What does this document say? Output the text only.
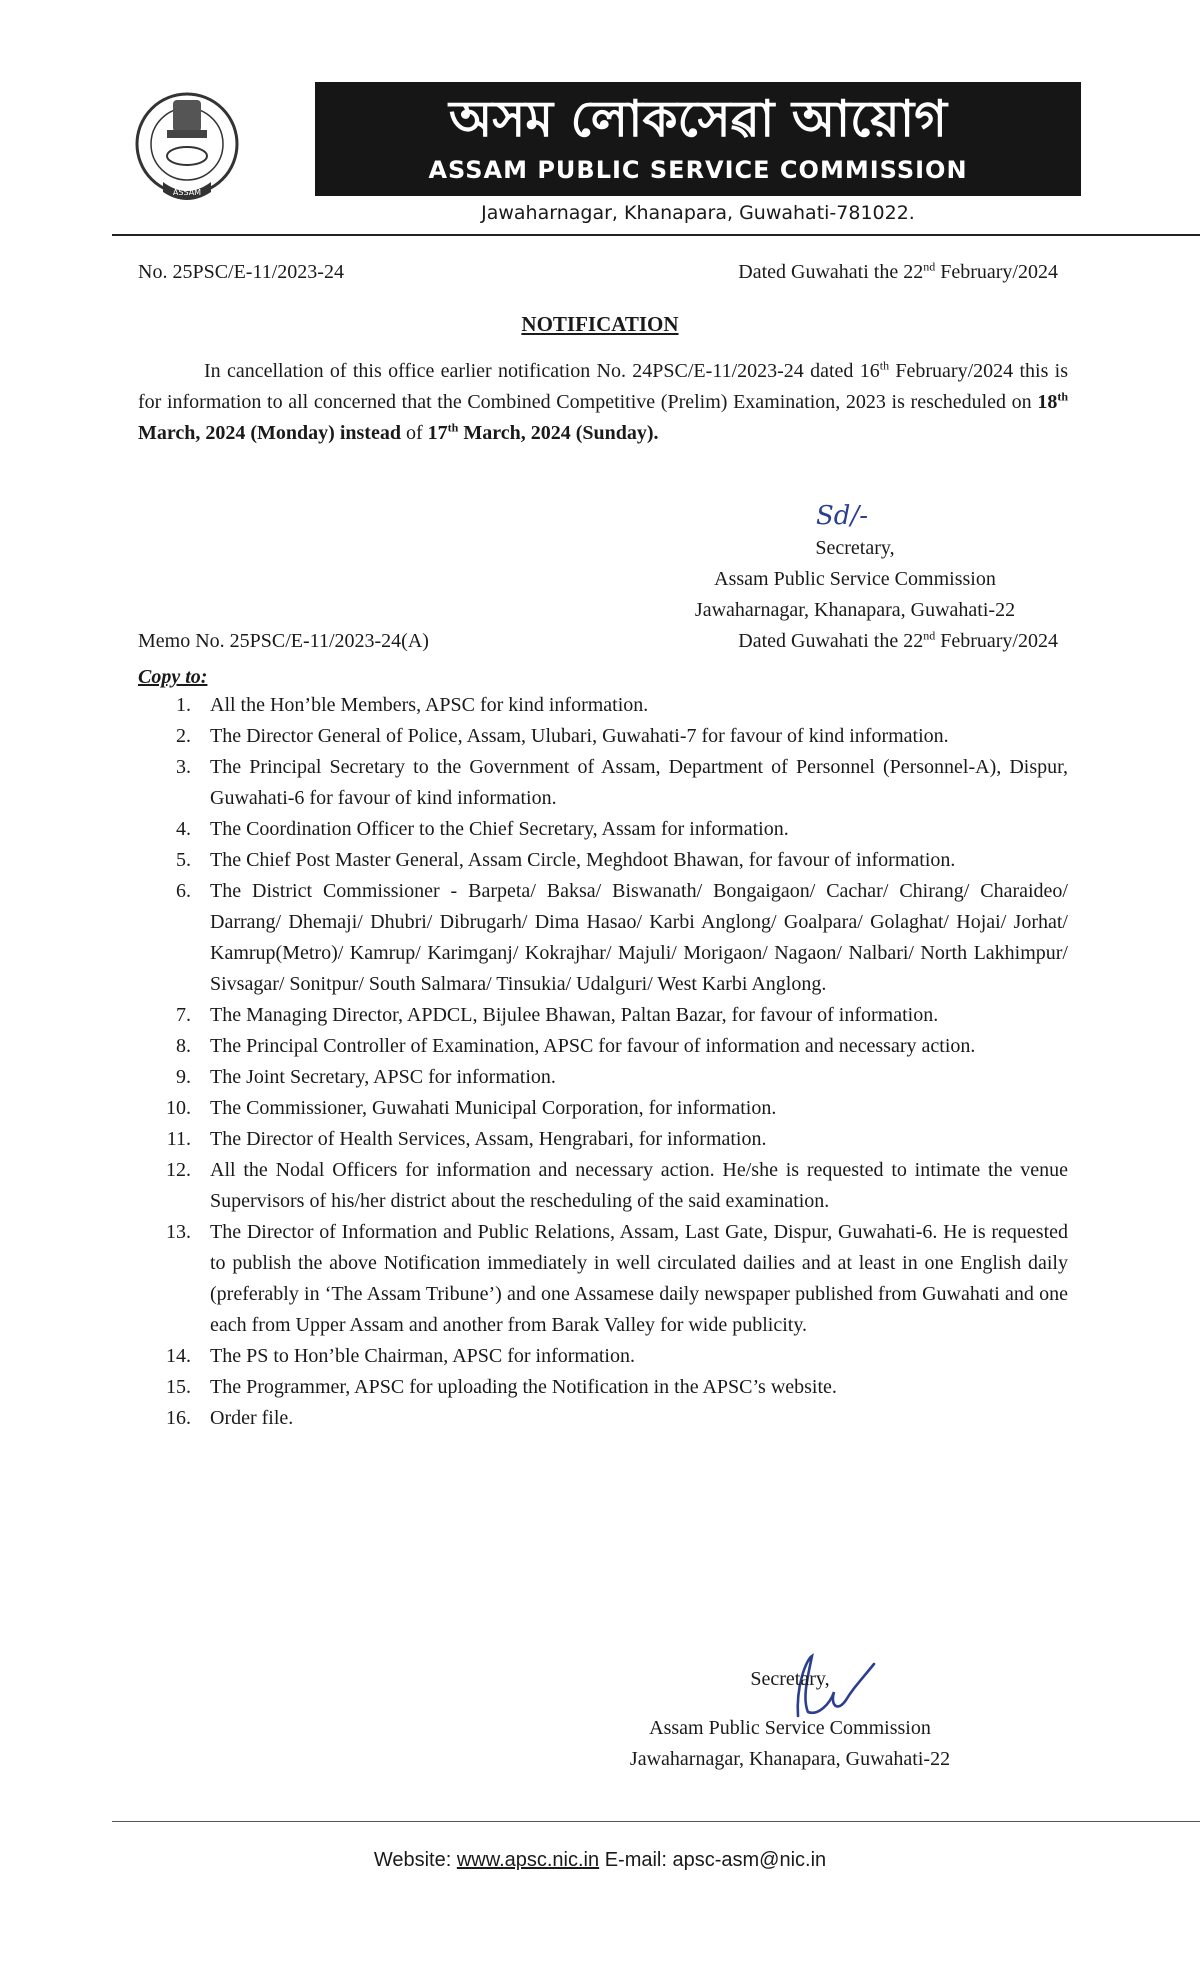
ASSAM
অসম লোকসেৱা আয়োগ
ASSAM PUBLIC SERVICE COMMISSION
Jawaharnagar, Khanapara, Guwahati-781022.
No. 25PSC/E-11/2023-24	Dated Guwahati the 22nd February/2024
NOTIFICATION
In cancellation of this office earlier notification No. 24PSC/E-11/2023-24 dated 16th February/2024 this is for information to all concerned that the Combined Competitive (Prelim) Examination, 2023 is rescheduled on 18th March, 2024 (Monday) instead of 17th March, 2024 (Sunday).
Sd/-
Secretary,
Assam Public Service Commission
Jawaharnagar, Khanapara, Guwahati-22
Memo No. 25PSC/E-11/2023-24(A)	Dated Guwahati the 22nd February/2024
Copy to:
1. All the Hon’ble Members, APSC for kind information.
2. The Director General of Police, Assam, Ulubari, Guwahati-7 for favour of kind information.
3. The Principal Secretary to the Government of Assam, Department of Personnel (Personnel-A), Dispur, Guwahati-6 for favour of kind information.
4. The Coordination Officer to the Chief Secretary, Assam for information.
5. The Chief Post Master General, Assam Circle, Meghdoot Bhawan, for favour of information.
6. The District Commissioner - Barpeta/ Baksa/ Biswanath/ Bongaigaon/ Cachar/ Chirang/ Charaideo/ Darrang/ Dhemaji/ Dhubri/ Dibrugarh/ Dima Hasao/ Karbi Anglong/ Goalpara/ Golaghat/ Hojai/ Jorhat/ Kamrup(Metro)/ Kamrup/ Karimganj/ Kokrajhar/ Majuli/ Morigaon/ Nagaon/ Nalbari/ North Lakhimpur/ Sivsagar/ Sonitpur/ South Salmara/ Tinsukia/ Udalguri/ West Karbi Anglong.
7. The Managing Director, APDCL, Bijulee Bhawan, Paltan Bazar, for favour of information.
8. The Principal Controller of Examination, APSC for favour of information and necessary action.
9. The Joint Secretary, APSC for information.
10. The Commissioner, Guwahati Municipal Corporation, for information.
11. The Director of Health Services, Assam, Hengrabari, for information.
12. All the Nodal Officers for information and necessary action. He/she is requested to intimate the venue Supervisors of his/her district about the rescheduling of the said examination.
13. The Director of Information and Public Relations, Assam, Last Gate, Dispur, Guwahati-6. He is requested to publish the above Notification immediately in well circulated dailies and at least in one English daily (preferably in ‘The Assam Tribune’) and one Assamese daily newspaper published from Guwahati and one each from Upper Assam and another from Barak Valley for wide publicity.
14. The PS to Hon’ble Chairman, APSC for information.
15. The Programmer, APSC for uploading the Notification in the APSC’s website.
16. Order file.
Secretary,
Assam Public Service Commission
Jawaharnagar, Khanapara, Guwahati-22
Website: www.apsc.nic.in E-mail: apsc-asm@nic.in
